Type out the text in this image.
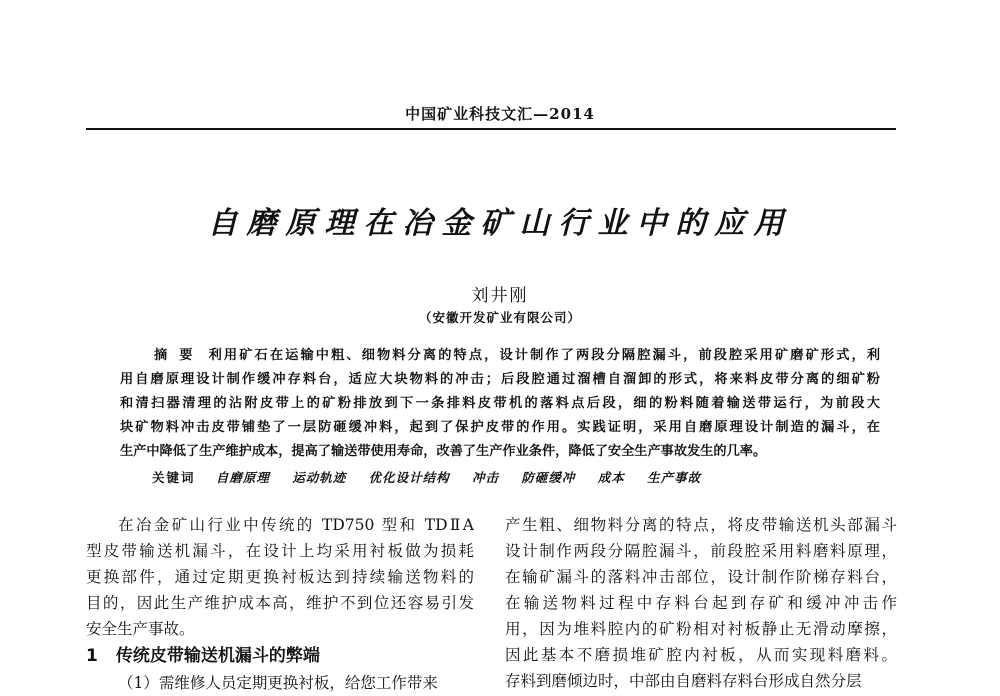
中国矿业科技文汇—2014
自磨原理在冶金矿山行业中的应用
刘井刚
（安徽开发矿业有限公司）
摘要 利用矿石在运输中粗、细物料分离的特点，设计制作了两段分隔腔漏斗，前段腔采用矿磨矿形式，利
用自磨原理设计制作缓冲存料台，适应大块物料的冲击；后段腔通过溜槽自溜卸的形式，将来料皮带分离的细矿粉
和清扫器清理的沾附皮带上的矿粉排放到下一条排料皮带机的落料点后段，细的粉料随着输送带运行，为前段大
块矿物料冲击皮带铺垫了一层防砸缓冲料，起到了保护皮带的作用。实践证明，采用自磨原理设计制造的漏斗，在
生产中降低了生产维护成本，提高了输送带使用寿命，改善了生产作业条件，降低了安全生产事故发生的几率。
关键词 自磨原理 运动轨迹 优化设计结构 冲击 防砸缓冲 成本 生产事故
在冶金矿山行业中传统的 TD750 型和 TDⅡA
型皮带输送机漏斗，在设计上均采用衬板做为损耗
更换部件，通过定期更换衬板达到持续输送物料的
目的，因此生产维护成本高，维护不到位还容易引发
安全生产事故。
1 传统皮带输送机漏斗的弊端
（1）需维修人员定期更换衬板，给您工作带来
产生粗、细物料分离的特点，将皮带输送机头部漏斗
设计制作两段分隔腔漏斗，前段腔采用料磨料原理，
在输矿漏斗的落料冲击部位，设计制作阶梯存料台，
在输送物料过程中存料台起到存矿和缓冲冲击作
用，因为堆料腔内的矿粉相对衬板静止无滑动摩擦，
因此基本不磨损堆矿腔内衬板，从而实现料磨料。
存料到磨倾边时，中部由自磨料存料台形成自然分层
